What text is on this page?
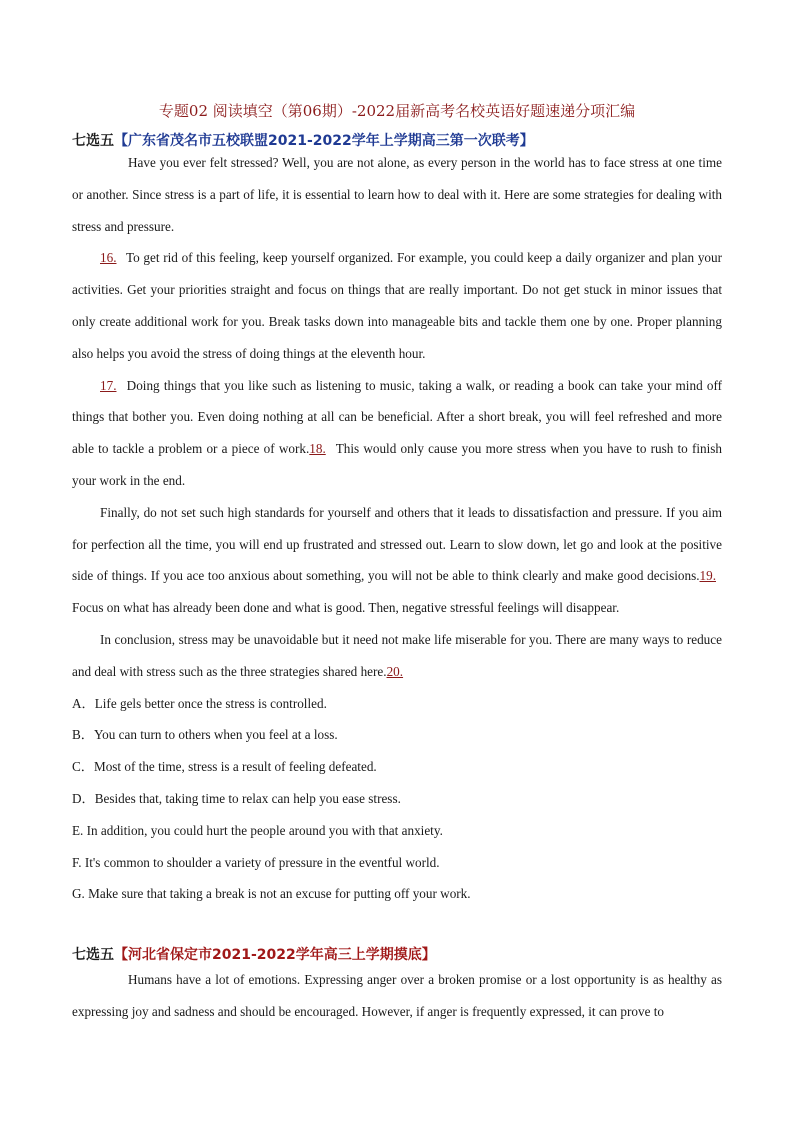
专题02 阅读填空（第06期）-2022届新高考名校英语好题速递分项汇编
七选五【广东省茂名市五校联盟2021-2022学年上学期高三第一次联考】

Have you ever felt stressed? Well, you are not alone, as every person in the world has to face stress at one time or another. Since stress is a part of life, it is essential to learn how to deal with it. Here are some strategies for dealing with stress and pressure.

16. To get rid of this feeling, keep yourself organized. For example, you could keep a daily organizer and plan your activities. Get your priorities straight and focus on things that are really important. Do not get stuck in minor issues that only create additional work for you. Break tasks down into manageable bits and tackle them one by one. Proper planning also helps you avoid the stress of doing things at the eleventh hour.

17. Doing things that you like such as listening to music, taking a walk, or reading a book can take your mind off things that bother you. Even doing nothing at all can be beneficial. After a short break, you will feel refreshed and more able to tackle a problem or a piece of work.18. This would only cause you more stress when you have to rush to finish your work in the end.

Finally, do not set such high standards for yourself and others that it leads to dissatisfaction and pressure. If you aim for perfection all the time, you will end up frustrated and stressed out. Learn to slow down, let go and look at the positive side of things. If you ace too anxious about something, you will not be able to think clearly and make good decisions.19. Focus on what has already been done and what is good. Then, negative stressful feelings will disappear.

In conclusion, stress may be unavoidable but it need not make life miserable for you. There are many ways to reduce and deal with stress such as the three strategies shared here.20.

A．Life gels better once the stress is controlled.

B．You can turn to others when you feel at a loss.

C．Most of the time, stress is a result of feeling defeated.

D．Besides that, taking time to relax can help you ease stress.

E. In addition, you could hurt the people around you with that anxiety.

F. It's common to shoulder a variety of pressure in the eventful world.

G. Make sure that taking a break is not an excuse for putting off your work.

七选五【河北省保定市2021-2022学年高三上学期摸底】

Humans have a lot of emotions. Expressing anger over a broken promise or a lost opportunity is as healthy as expressing joy and sadness and should be encouraged. However, if anger is frequently expressed, it can prove to
